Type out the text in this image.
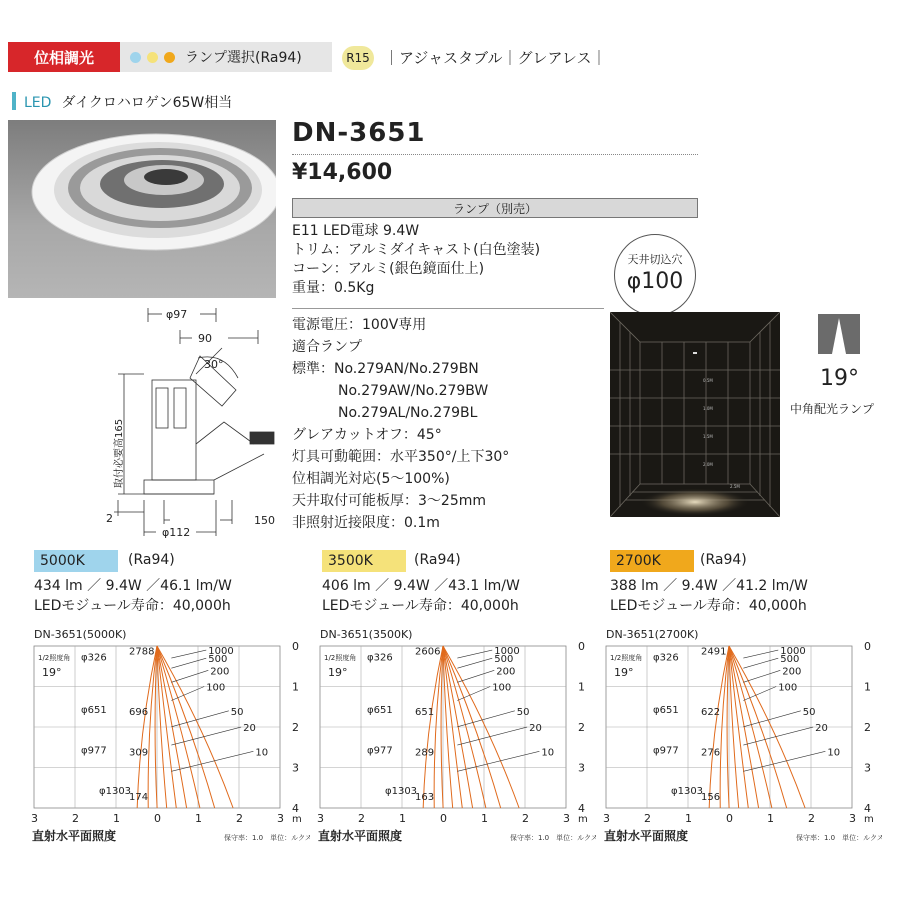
位相調光	ランプ選択(Ra94)	R15 ｜アジャスタブル｜グレアレス｜
LED ダイクロハロゲン65W相当
DN-3651
¥14,600
ランプ（別売）
E11 LED電球 9.4W
トリム：アルミダイキャスト(白色塗装)
コーン：アルミ(銀色鏡面仕上)
重量：0.5Kg
電源電圧：100V専用
適合ランプ
標準：No.279AN/No.279BN
No.279AW/No.279BW
No.279AL/No.279BL
グレアカットオフ：45°
灯具可動範囲：水平350°/上下30°
位相調光対応(5～100%)
天井取付可能板厚：3～25mm
非照射近接限度：0.1m
天井切込穴
φ100
0.5M
1.0M
1.5M
2.0M
2.5M
19°
中角配光ランプ
φ97
90
30°
150
φ112
2
取付必要高165
5000K	(Ra94)
434 lm ／ 9.4W ／46.1 lm/W
LEDモジュール寿命：40,000h
3500K	(Ra94)
406 lm ／ 9.4W ／43.1 lm/W
LEDモジュール寿命：40,000h
2700K	(Ra94)
388 lm ／ 9.4W ／41.2 lm/W
LEDモジュール寿命：40,000h
DN-3651(5000K)
0
1
2
3
4
3	2	1	0	1	2	3 m
1/2照度角
19°
1000
500
200
100
50
20
10
φ326
φ651
φ977
φ1303
2788
696
309
174
直射水平面照度	保守率：1.0　単位：ルクス
DN-3651(3500K)
0
1
2
3
4
3	2	1	0	1	2	3 m
1/2照度角
19°
1000
500
200
100
50
20
10
φ326
φ651
φ977
φ1303
2606
651
289
163
直射水平面照度	保守率：1.0　単位：ルクス
DN-3651(2700K)
0
1
2
3
4
3	2	1	0	1	2	3 m
1/2照度角
19°
1000
500
200
100
50
20
10
φ326
φ651
φ977
φ1303
2491
622
276
156
直射水平面照度	保守率：1.0　単位：ルクス
